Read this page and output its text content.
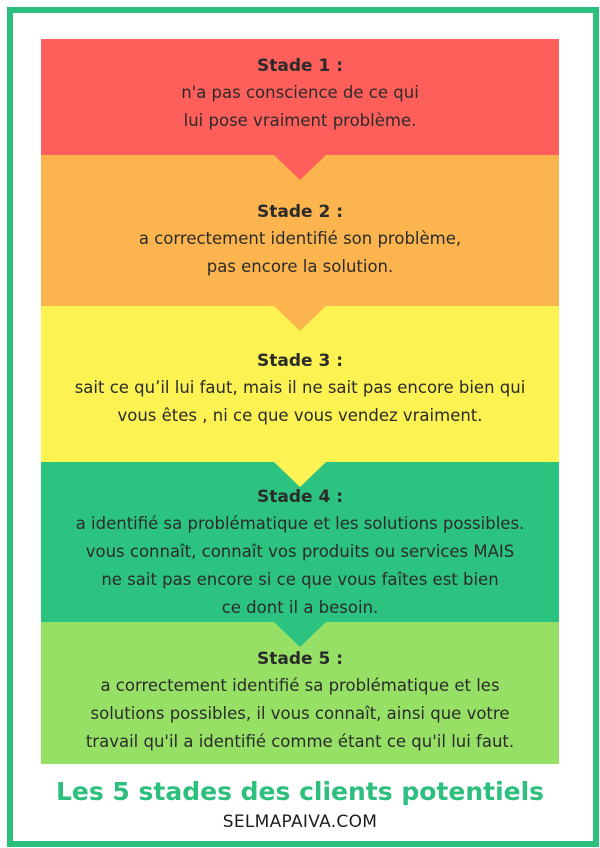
Stade 1 :
n'a pas conscience de ce qui
lui pose vraiment problème.
Stade 2 :
a correctement identifié son problème,
pas encore la solution.
Stade 3 :
sait ce qu’il lui faut, mais il ne sait pas encore bien qui
vous êtes , ni ce que vous vendez vraiment.
Stade 4 :
a identifié sa problématique et les solutions possibles.
vous connaît, connaît vos produits ou services MAIS
ne sait pas encore si ce que vous faîtes est bien
ce dont il a besoin.
Stade 5 :
a correctement identifié sa problématique et les
solutions possibles, il vous connaît, ainsi que votre
travail qu'il a identifié comme étant ce qu'il lui faut.
Les 5 stades des clients potentiels
SELMAPAIVA.COM
